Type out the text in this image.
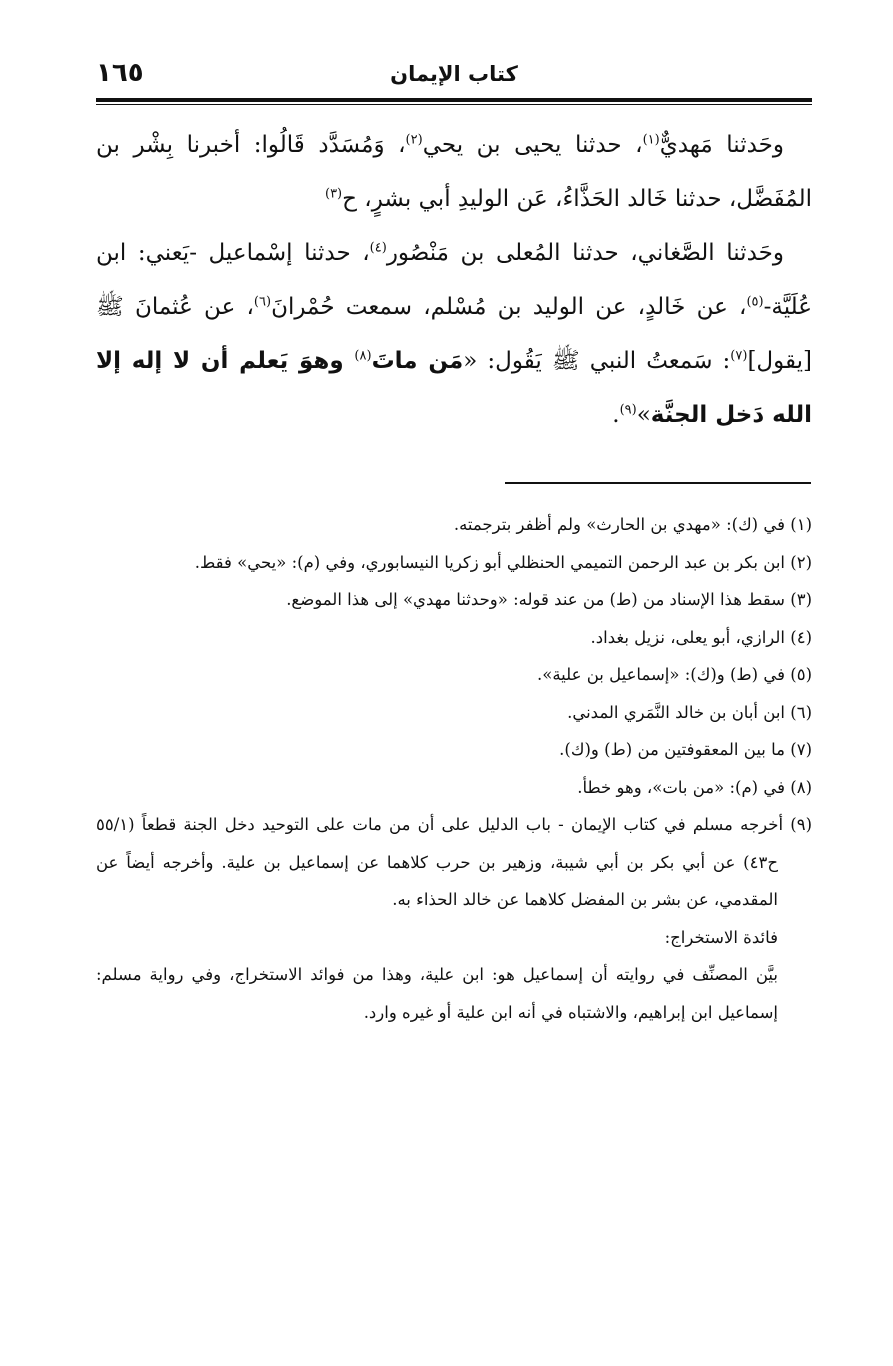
كتاب الإيمان
١٦٥

وحَدثنا مَهديٌّ$^{(١)}$، حدثنا يحيى بن يحي$^{(٢)}$، وَمُسَدَّد قَالُوا: أخبرنا بِشْر بن المُفَضَّل، حدثنا خَالد الحَذَّاءُ، عَن الوليدِ أبي بشرٍ، ح$^{(٣)}$

وحَدثنا الصَّغاني، حدثنا المُعلى بن مَنْصُور$^{(٤)}$، حدثنا إسْماعيل -يَعني: ابن عُلَيَّة-$^{(٥)}$، عن خَالدٍ، عن الوليد بن مُسْلم، سمعت حُمْرانَ$^{(٦)}$، عن عُثمانَ ﷺ [يقول]$^{(٧)}$: سَمعتُ النبي ﷺ يَقُول: «مَن ماتَ$^{(٨)}$ وهوَ يَعلم أن لا إله إلا الله دَخل الجنَّة»$^{(٩)}$.

(١) في (ك): «مهدي بن الحارث» ولم أظفر بترجمته.

(٢) ابن بكر بن عبد الرحمن التميمي الحنظلي أبو زكريا النيسابوري، وفي (م): «يحي» فقط.

(٣) سقط هذا الإسناد من (ط) من عند قوله: «وحدثنا مهدي» إلى هذا الموضع.

(٤) الرازي، أبو يعلى، نزيل بغداد.

(٥) في (ط) و(ك): «إسماعيل بن علية».

(٦) ابن أبان بن خالد النَّمَري المدني.

(٧) ما بين المعقوفتين من (ط) و(ك).

(٨) في (م): «من بات»، وهو خطأ.

(٩) أخرجه مسلم في كتاب الإيمان - باب الدليل على أن من مات على التوحيد دخل الجنة قطعاً (٥٥/١ ح٤٣) عن أبي بكر بن أبي شيبة، وزهير بن حرب كلاهما عن إسماعيل بن علية. وأخرجه أيضاً عن المقدمي، عن بشر بن المفضل كلاهما عن خالد الحذاء به.

فائدة الاستخراج:

بيَّن المصنِّف في روايته أن إسماعيل هو: ابن علية، وهذا من فوائد الاستخراج، وفي رواية مسلم: إسماعيل ابن إبراهيم، والاشتباه في أنه ابن علية أو غيره وارد.
